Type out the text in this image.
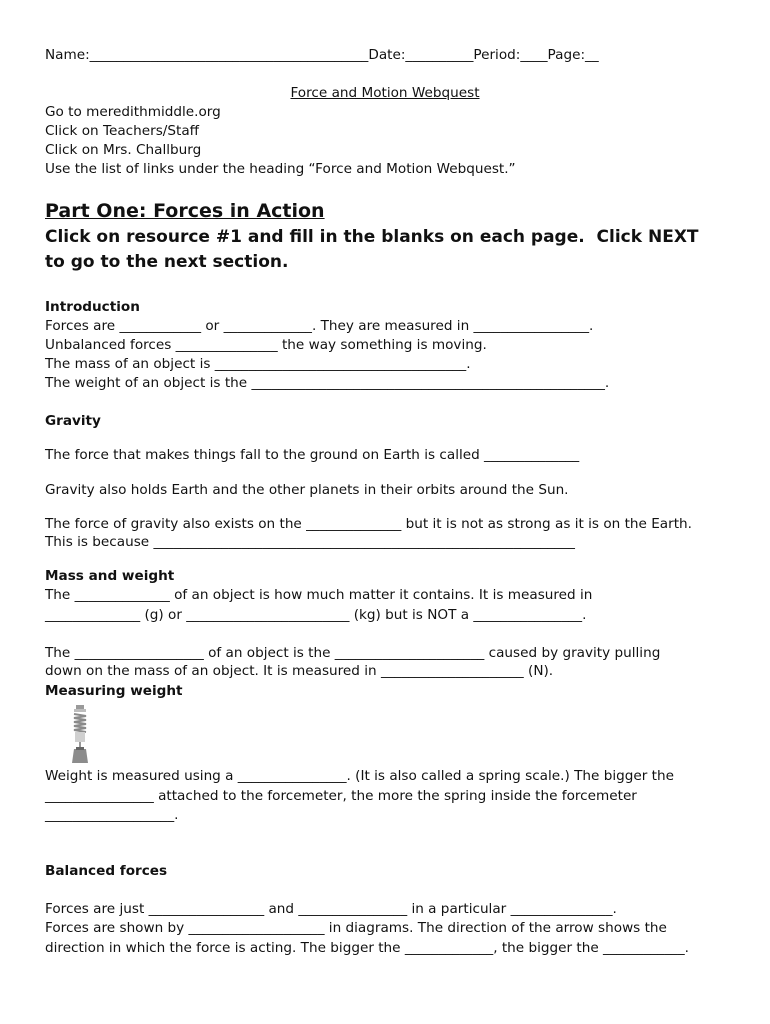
Name:_________________________________________Date:__________Period:____Page:__
Force and Motion Webquest
Go to meredithmiddle.org
Click on Teachers/Staff
Click on Mrs. Challburg
Use the list of links under the heading “Force and Motion Webquest.”
Part One: Forces in Action
Click on resource #1 and fill in the blanks on each page.  Click NEXT
to go to the next section.
Introduction
Forces are ____________ or _____________. They are measured in _________________.
Unbalanced forces _______________ the way something is moving.
The mass of an object is _____________________________________.
The weight of an object is the ____________________________________________________.
Gravity
The force that makes things fall to the ground on Earth is called ______________
Gravity also holds Earth and the other planets in their orbits around the Sun.
The force of gravity also exists on the ______________ but it is not as strong as it is on the Earth.
This is because ______________________________________________________________
Mass and weight
The ______________ of an object is how much matter it contains. It is measured in
______________ (g) or ________________________ (kg) but is NOT a ________________.
The ___________________ of an object is the ______________________ caused by gravity pulling
down on the mass of an object. It is measured in _____________________ (N).
Measuring weight
Weight is measured using a ________________. (It is also called a spring scale.) The bigger the
________________ attached to the forcemeter, the more the spring inside the forcemeter
___________________.
Balanced forces
Forces are just _________________ and ________________ in a particular _______________.
Forces are shown by ____________________ in diagrams. The direction of the arrow shows the
direction in which the force is acting. The bigger the _____________, the bigger the ____________.
